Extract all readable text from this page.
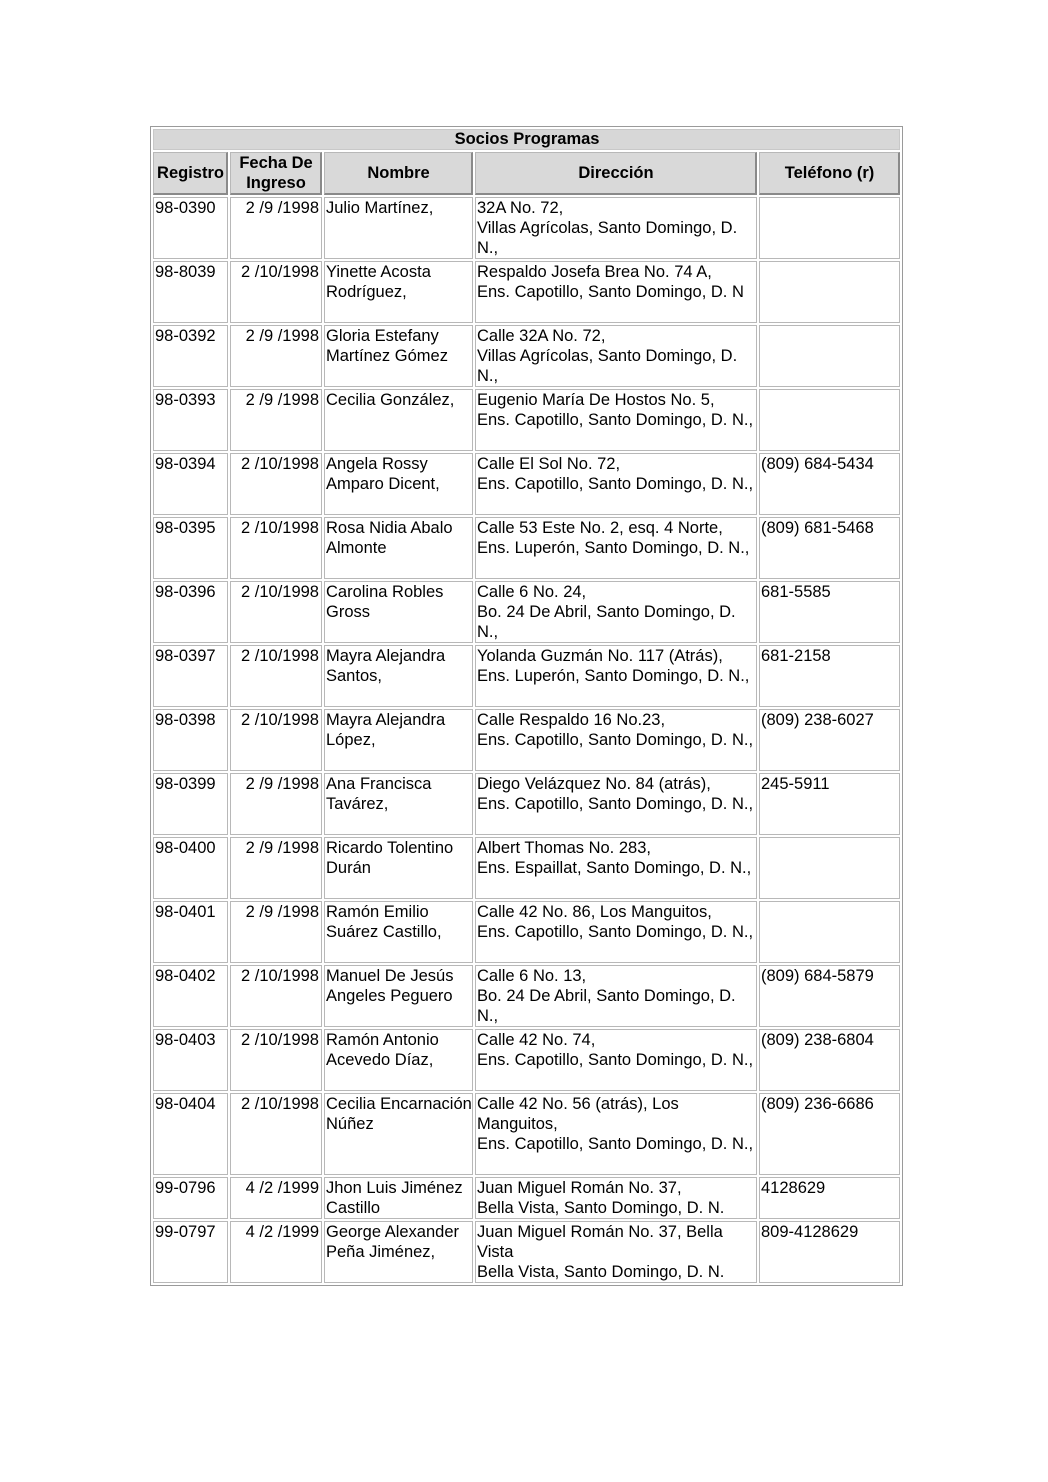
Socios Programas				
Registro	Fecha De Ingreso	Nombre	Dirección	Teléfono (r)
98-0390	2 /9 /1998	Julio Martínez,	32A No. 72,
Villas Agrícolas, Santo Domingo, D. N.,	
98-8039	2 /10/1998	Yinette Acosta Rodríguez,	Respaldo Josefa Brea No. 74 A,
Ens. Capotillo, Santo Domingo, D. N	
98-0392	2 /9 /1998	Gloria Estefany Martínez Gómez	Calle 32A No. 72,
Villas Agrícolas, Santo Domingo, D. N.,	
98-0393	2 /9 /1998	Cecilia González,	Eugenio María De Hostos No. 5,
Ens. Capotillo, Santo Domingo, D. N.,	
98-0394	2 /10/1998	Angela Rossy Amparo Dicent,	Calle El Sol No. 72,
Ens. Capotillo, Santo Domingo, D. N.,	(809) 684-5434
98-0395	2 /10/1998	Rosa Nidia Abalo Almonte	Calle 53 Este No. 2, esq. 4 Norte,
Ens. Luperón, Santo Domingo, D. N.,	(809) 681-5468
98-0396	2 /10/1998	Carolina Robles Gross	Calle 6 No. 24,
Bo. 24 De Abril, Santo Domingo, D. N.,	681-5585
98-0397	2 /10/1998	Mayra Alejandra Santos,	Yolanda Guzmán No. 117 (Atrás),
Ens. Luperón, Santo Domingo, D. N.,	681-2158
98-0398	2 /10/1998	Mayra Alejandra López,	Calle Respaldo 16 No.23,
Ens. Capotillo, Santo Domingo, D. N.,	(809) 238-6027
98-0399	2 /9 /1998	Ana Francisca Tavárez,	Diego Velázquez No. 84 (atrás),
Ens. Capotillo, Santo Domingo, D. N.,	245-5911
98-0400	2 /9 /1998	Ricardo Tolentino Durán	Albert Thomas No. 283,
Ens. Espaillat, Santo Domingo, D. N.,	
98-0401	2 /9 /1998	Ramón Emilio Suárez Castillo,	Calle 42 No. 86, Los Manguitos,
Ens. Capotillo, Santo Domingo, D. N.,	
98-0402	2 /10/1998	Manuel De Jesús Angeles Peguero	Calle 6 No. 13,
Bo. 24 De Abril, Santo Domingo, D. N.,	(809) 684-5879
98-0403	2 /10/1998	Ramón Antonio Acevedo Díaz,	Calle 42 No. 74,
Ens. Capotillo, Santo Domingo, D. N.,	(809) 238-6804
98-0404	2 /10/1998	Cecilia Encarnación Núñez	Calle 42 No. 56 (atrás), Los Manguitos,
Ens. Capotillo, Santo Domingo, D. N.,	(809) 236-6686
99-0796	4 /2 /1999	Jhon Luis Jiménez Castillo	Juan Miguel Román No. 37,
Bella Vista, Santo Domingo, D. N.	4128629
99-0797	4 /2 /1999	George Alexander Peña Jiménez,	Juan Miguel Román No. 37, Bella Vista
Bella Vista, Santo Domingo, D. N.	809-4128629
